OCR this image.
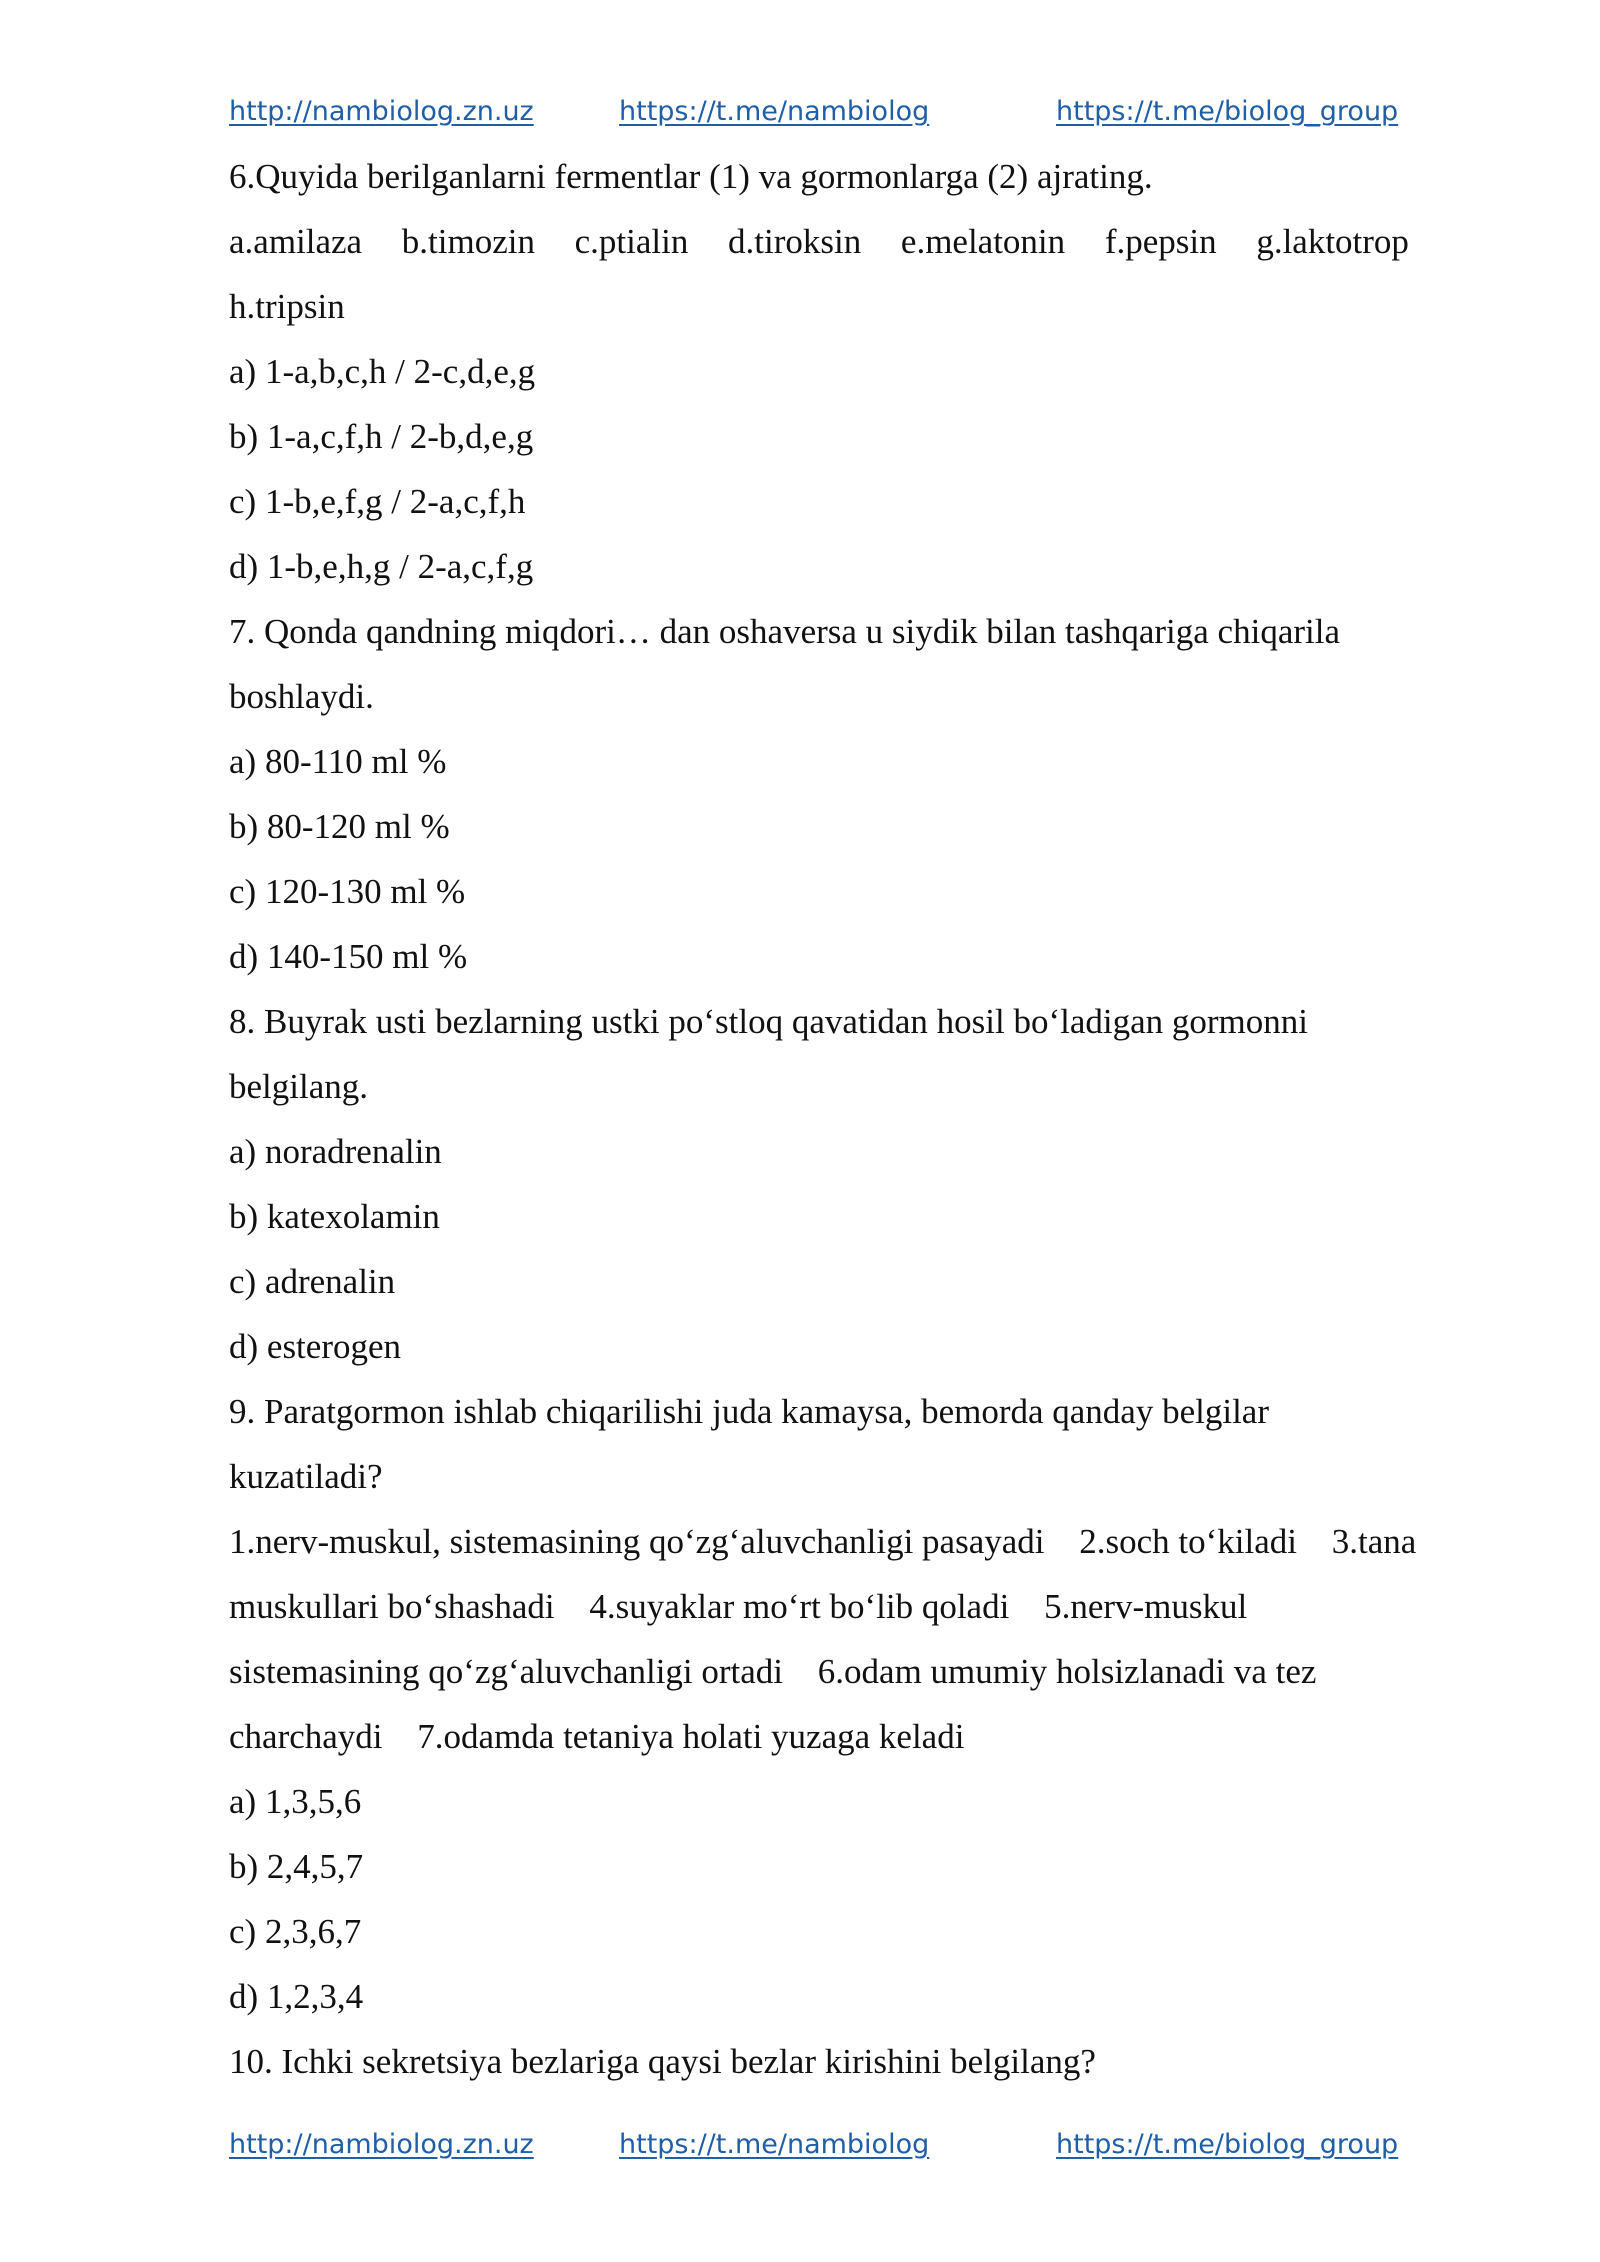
http://nambiolog.zn.uz	https://t.me/nambiolog	https://t.me/biolog_group
6.Quyida berilganlarni fermentlar (1) va gormonlarga (2) ajrating.
a.amilaza b.timozin c.ptialin d.tiroksin e.melatonin f.pepsin g.laktotrop
h.tripsin
a) 1-a,b,c,h / 2-c,d,e,g
b) 1-a,c,f,h / 2-b,d,e,g
c) 1-b,e,f,g / 2-a,c,f,h
d) 1-b,e,h,g / 2-a,c,f,g
7. Qonda qandning miqdori… dan oshaversa u siydik bilan tashqariga chiqarila
boshlaydi.
a) 80-110 ml %
b) 80-120 ml %
c) 120-130 ml %
d) 140-150 ml %
8. Buyrak usti bezlarning ustki po‘stloq qavatidan hosil bo‘ladigan gormonni
belgilang.
a) noradrenalin
b) katexolamin
c) adrenalin
d) esterogen
9. Paratgormon ishlab chiqarilishi juda kamaysa, bemorda qanday belgilar
kuzatiladi?
1.nerv-muskul, sistemasining qo‘zg‘aluvchanligi pasayadi 2.soch to‘kiladi 3.tana
muskullari bo‘shashadi 4.suyaklar mo‘rt bo‘lib qoladi 5.nerv-muskul
sistemasining qo‘zg‘aluvchanligi ortadi 6.odam umumiy holsizlanadi va tez
charchaydi 7.odamda tetaniya holati yuzaga keladi
a) 1,3,5,6
b) 2,4,5,7
c) 2,3,6,7
d) 1,2,3,4
10. Ichki sekretsiya bezlariga qaysi bezlar kirishini belgilang?
http://nambiolog.zn.uz	https://t.me/nambiolog	https://t.me/biolog_group
